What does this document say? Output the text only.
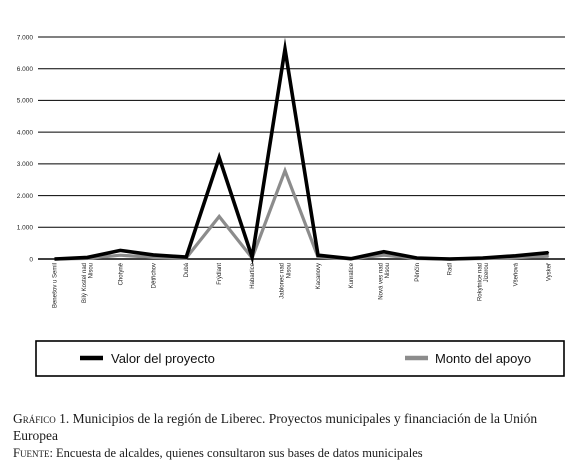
0
1.000
2.000
3.000
4.000
5.000
6.000
7.000
Benešov u Semil	Bílý Kostel nadNisou	Chotyně	Dětřichov	Dubá	Frýdlant	Habartice	Jablonec nadNisou	Kacanovy	Kunratice	Nová ves nadNisou	Pěnčín	Radl	Rokytnice nadJizerou	Všeňová	Vyskeř
Valor del proyecto	Monto del apoyo
Gráfico 1. Municipios de la región de Liberec. Proyectos municipales y financiación de la Unión Europea
Fuente: Encuesta de alcaldes, quienes consultaron sus bases de datos municipales
